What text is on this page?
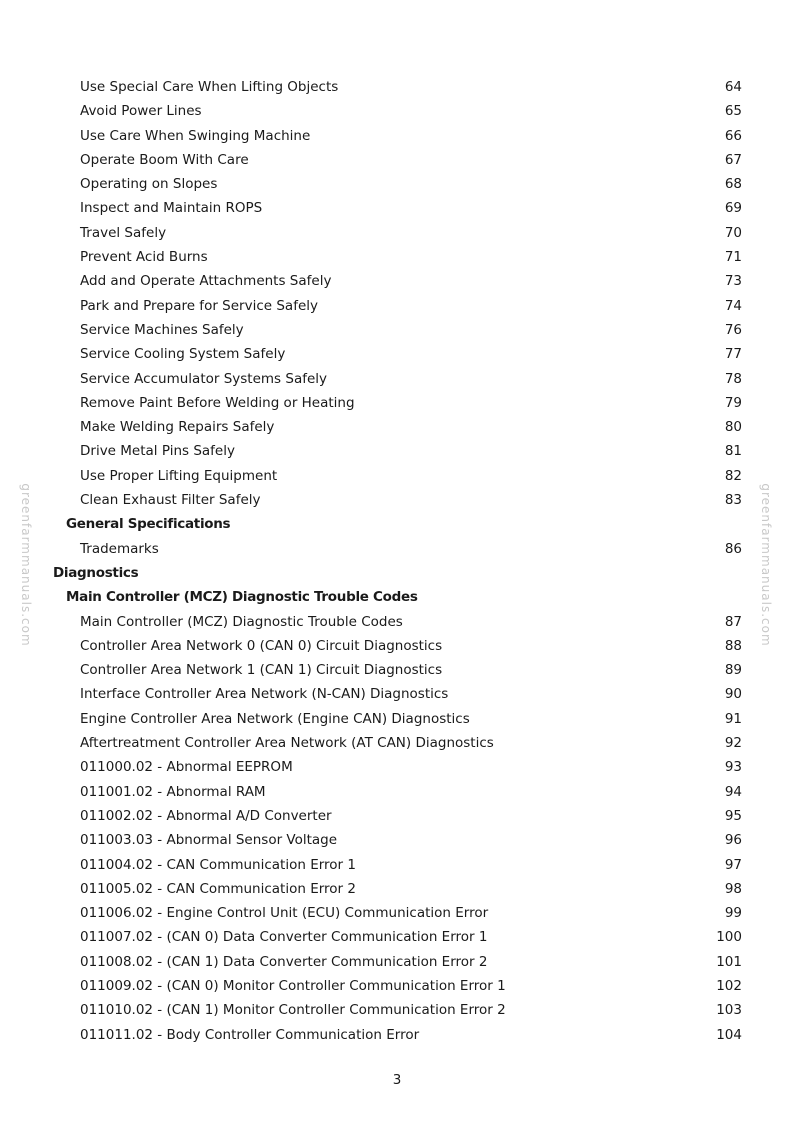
greenfarmmanuals.com	greenfarmmanuals.com
Use Special Care When Lifting Objects	64
Avoid Power Lines	65
Use Care When Swinging Machine	66
Operate Boom With Care	67
Operating on Slopes	68
Inspect and Maintain ROPS	69
Travel Safely	70
Prevent Acid Burns	71
Add and Operate Attachments Safely	73
Park and Prepare for Service Safely	74
Service Machines Safely	76
Service Cooling System Safely	77
Service Accumulator Systems Safely	78
Remove Paint Before Welding or Heating	79
Make Welding Repairs Safely	80
Drive Metal Pins Safely	81
Use Proper Lifting Equipment	82
Clean Exhaust Filter Safely	83
General Specifications
Trademarks	86
Diagnostics
Main Controller (MCZ) Diagnostic Trouble Codes
Main Controller (MCZ) Diagnostic Trouble Codes	87
Controller Area Network 0 (CAN 0) Circuit Diagnostics	88
Controller Area Network 1 (CAN 1) Circuit Diagnostics	89
Interface Controller Area Network (N-CAN) Diagnostics	90
Engine Controller Area Network (Engine CAN) Diagnostics	91
Aftertreatment Controller Area Network (AT CAN) Diagnostics	92
011000.02 - Abnormal EEPROM	93
011001.02 - Abnormal RAM	94
011002.02 - Abnormal A/D Converter	95
011003.03 - Abnormal Sensor Voltage	96
011004.02 - CAN Communication Error 1	97
011005.02 - CAN Communication Error 2	98
011006.02 - Engine Control Unit (ECU) Communication Error	99
011007.02 - (CAN 0) Data Converter Communication Error 1	100
011008.02 - (CAN 1) Data Converter Communication Error 2	101
011009.02 - (CAN 0) Monitor Controller Communication Error 1	102
011010.02 - (CAN 1) Monitor Controller Communication Error 2	103
011011.02 - Body Controller Communication Error	104
3
